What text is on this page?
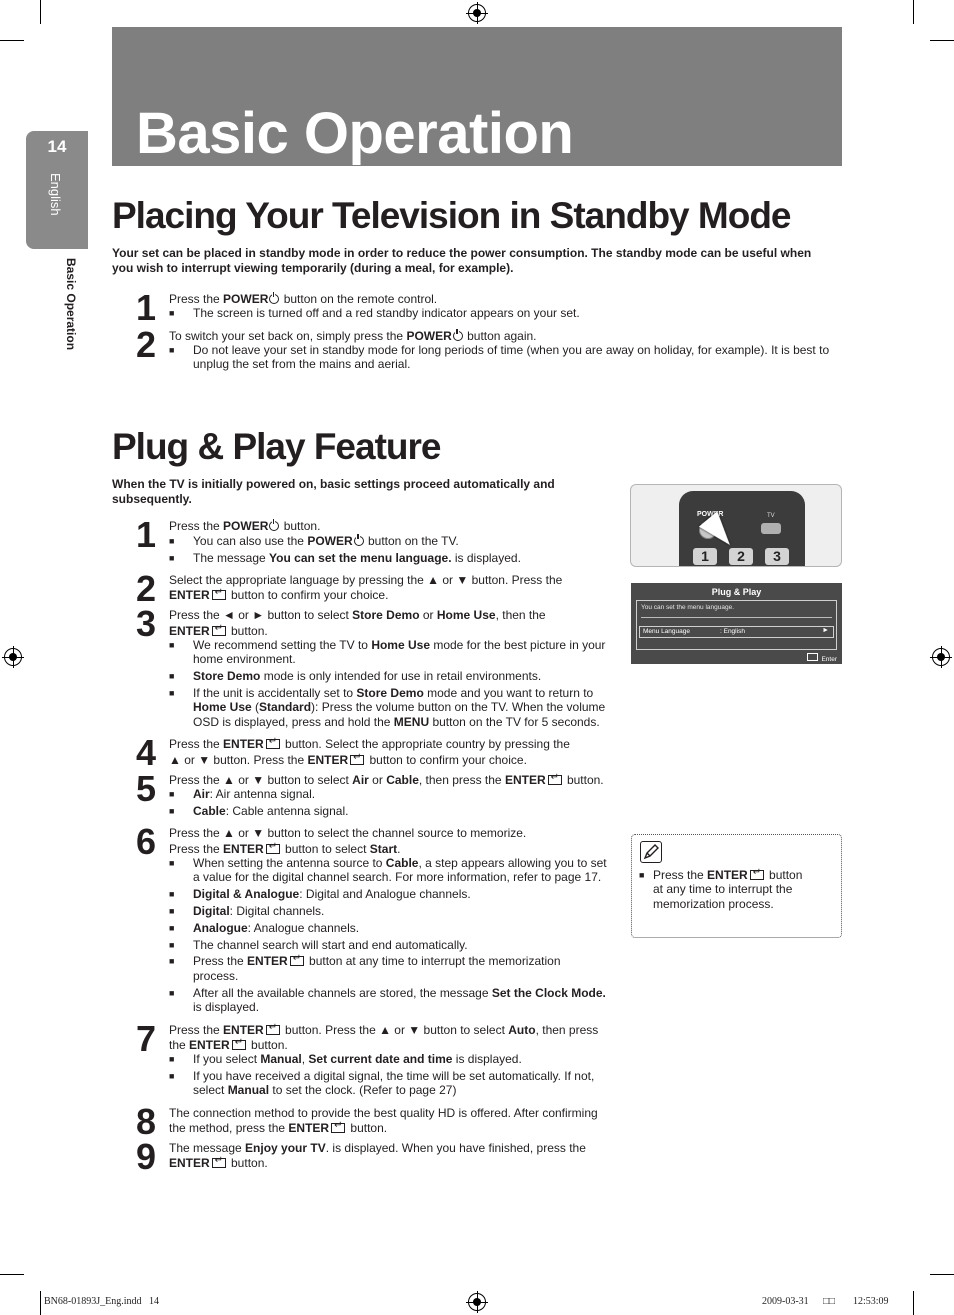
14
English
Basic Operation
Basic Operation
Placing Your Television in Standby Mode
Your set can be placed in standby mode in order to reduce the power consumption. The standby mode can be useful when
you wish to interrupt viewing temporarily (during a meal, for example).
1 Press the POWER button on the remote control.
■ The screen is turned off and a red standby indicator appears on your set.
2 To switch your set back on, simply press the POWER button again.
■ Do not leave your set in standby mode for long periods of time (when you are away on holiday, for example). It is best to
unplug the set from the mains and aerial.
Plug & Play Feature
When the TV is initially powered on, basic settings proceed automatically and
subsequently.
1 Press the POWER button.
■ You can also use the POWER button on the TV.
■ The message You can set the menu language. is displayed.
2 Select the appropriate language by pressing the ▲ or ▼ button. Press the
ENTER↵ button to confirm your choice.
3 Press the ◄ or ► button to select Store Demo or Home Use, then the
ENTER↵ button.
■ We recommend setting the TV to Home Use mode for the best picture in your
home environment.
■ Store Demo mode is only intended for use in retail environments.
■ If the unit is accidentally set to Store Demo mode and you want to return to
Home Use (Standard): Press the volume button on the TV. When the volume
OSD is displayed, press and hold the MENU button on the TV for 5 seconds.
4 Press the ENTER↵ button. Select the appropriate country by pressing the
▲ or ▼ button. Press the ENTER↵ button to confirm your choice.
5 Press the ▲ or ▼ button to select Air or Cable, then press the ENTER↵ button.
■ Air: Air antenna signal.
■ Cable: Cable antenna signal.
6 Press the ▲ or ▼ button to select the channel source to memorize.
Press the ENTER↵ button to select Start.
■ When setting the antenna source to Cable, a step appears allowing you to set
a value for the digital channel search. For more information, refer to page 17.
■ Digital & Analogue: Digital and Analogue channels.
■ Digital: Digital channels.
■ Analogue: Analogue channels.
■ The channel search will start and end automatically.
■ Press the ENTER↵ button at any time to interrupt the memorization
process.
■ After all the available channels are stored, the message Set the Clock Mode.
is displayed.
7 Press the ENTER↵ button. Press the ▲ or ▼ button to select Auto, then press
the ENTER↵ button.
■ If you select Manual, Set current date and time is displayed.
■ If you have received a digital signal, the time will be set automatically. If not,
select Manual to set the clock. (Refer to page 27)
8 The connection method to provide the best quality HD is offered. After confirming
the method, press the ENTER↵ button.
9 The message Enjoy your TV. is displayed. When you have finished, press the
ENTER↵ button.
POWER	TV
1	2	3
Plug & Play
You can set the menu language.
Menu Language	: English	►
Enter
■ Press the ENTER↵ button
at any time to interrupt the
memorization process.
BN68-01893J_Eng.indd   14	2009-03-31 □□ 12:53:09
